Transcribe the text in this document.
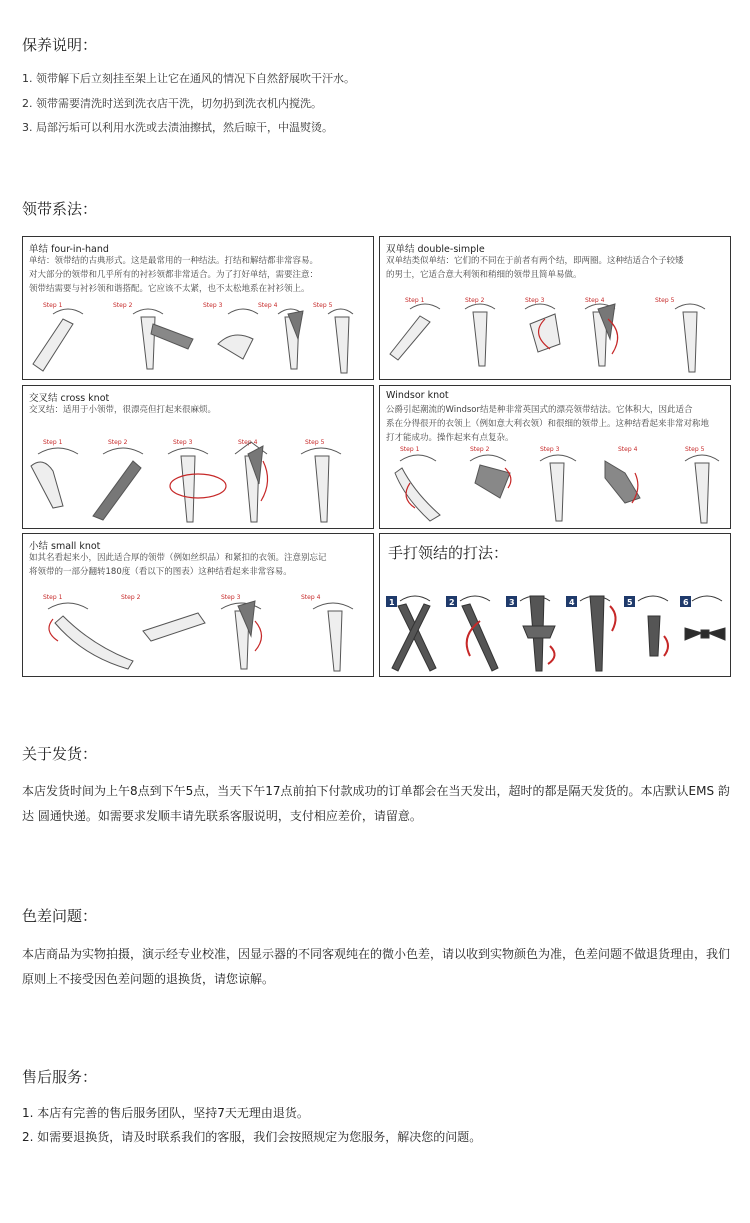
保养说明：
1. 领带解下后立刻挂至架上让它在通风的情况下自然舒展吹干汗水。
2. 领带需要清洗时送到洗衣店干洗，切勿扔到洗衣机内搅洗。
3. 局部污垢可以利用水洗或去渍油擦拭，然后晾干，中温熨烫。
领带系法：
单结 four-in-hand
单结：领带结的古典形式。这是最常用的一种结法。打结和解结都非常容易。
对大部分的领带和几乎所有的衬衫领都非常适合。为了打好单结，需要注意：
领带结需要与衬衫领和谐搭配。它应该不太紧，也不太松地系在衬衫领上。
Step 1	Step 2	Step 3	Step 4	Step 5
双单结 double-simple
双单结类似单结：它们的不同在于前者有两个结，即两圈。这种结适合个子较矮
的男士，它适合意大利领和稍细的领带且简单易做。
Step 1	Step 2	Step 3	Step 4	Step 5
交叉结 cross knot
交叉结：适用于小领带，很漂亮但打起来很麻烦。
Step 1	Step 2	Step 3	Step 4	Step 5
Windsor knot
公爵引起潮流的Windsor结是种非常英国式的漂亮领带结法。它体积大，因此适合
系在分得很开的衣领上（例如意大利衣领）和很细的领带上。这种结看起来非常对称地
打才能成功。操作起来有点复杂。
Step 1	Step 2	Step 3	Step 4	Step 5
小结 small knot
如其名看起来小，因此适合厚的领带（例如丝织品）和紧扣的衣领。注意别忘记
将领带的一部分翻转180度（看以下的图表）这种结看起来非常容易。
Step 1	Step 2	Step 3	Step 4
手打领结的打法：
1	2	3	4	5	6
关于发货：
本店发货时间为上午8点到下午5点，当天下午17点前拍下付款成功的订单都会在当天发出，超时的都是隔天发货的。本店默认EMS 韵达 圆通快递。如需要求发顺丰请先联系客服说明，支付相应差价，请留意。
色差问题：
本店商品为实物拍摄，演示经专业校准，因显示器的不同客观纯在的微小色差，请以收到实物颜色为准，色差问题不做退货理由，我们原则上不接受因色差问题的退换货，请您谅解。
售后服务：
1. 本店有完善的售后服务团队，坚持7天无理由退货。
2. 如需要退换货，请及时联系我们的客服，我们会按照规定为您服务，解决您的问题。
